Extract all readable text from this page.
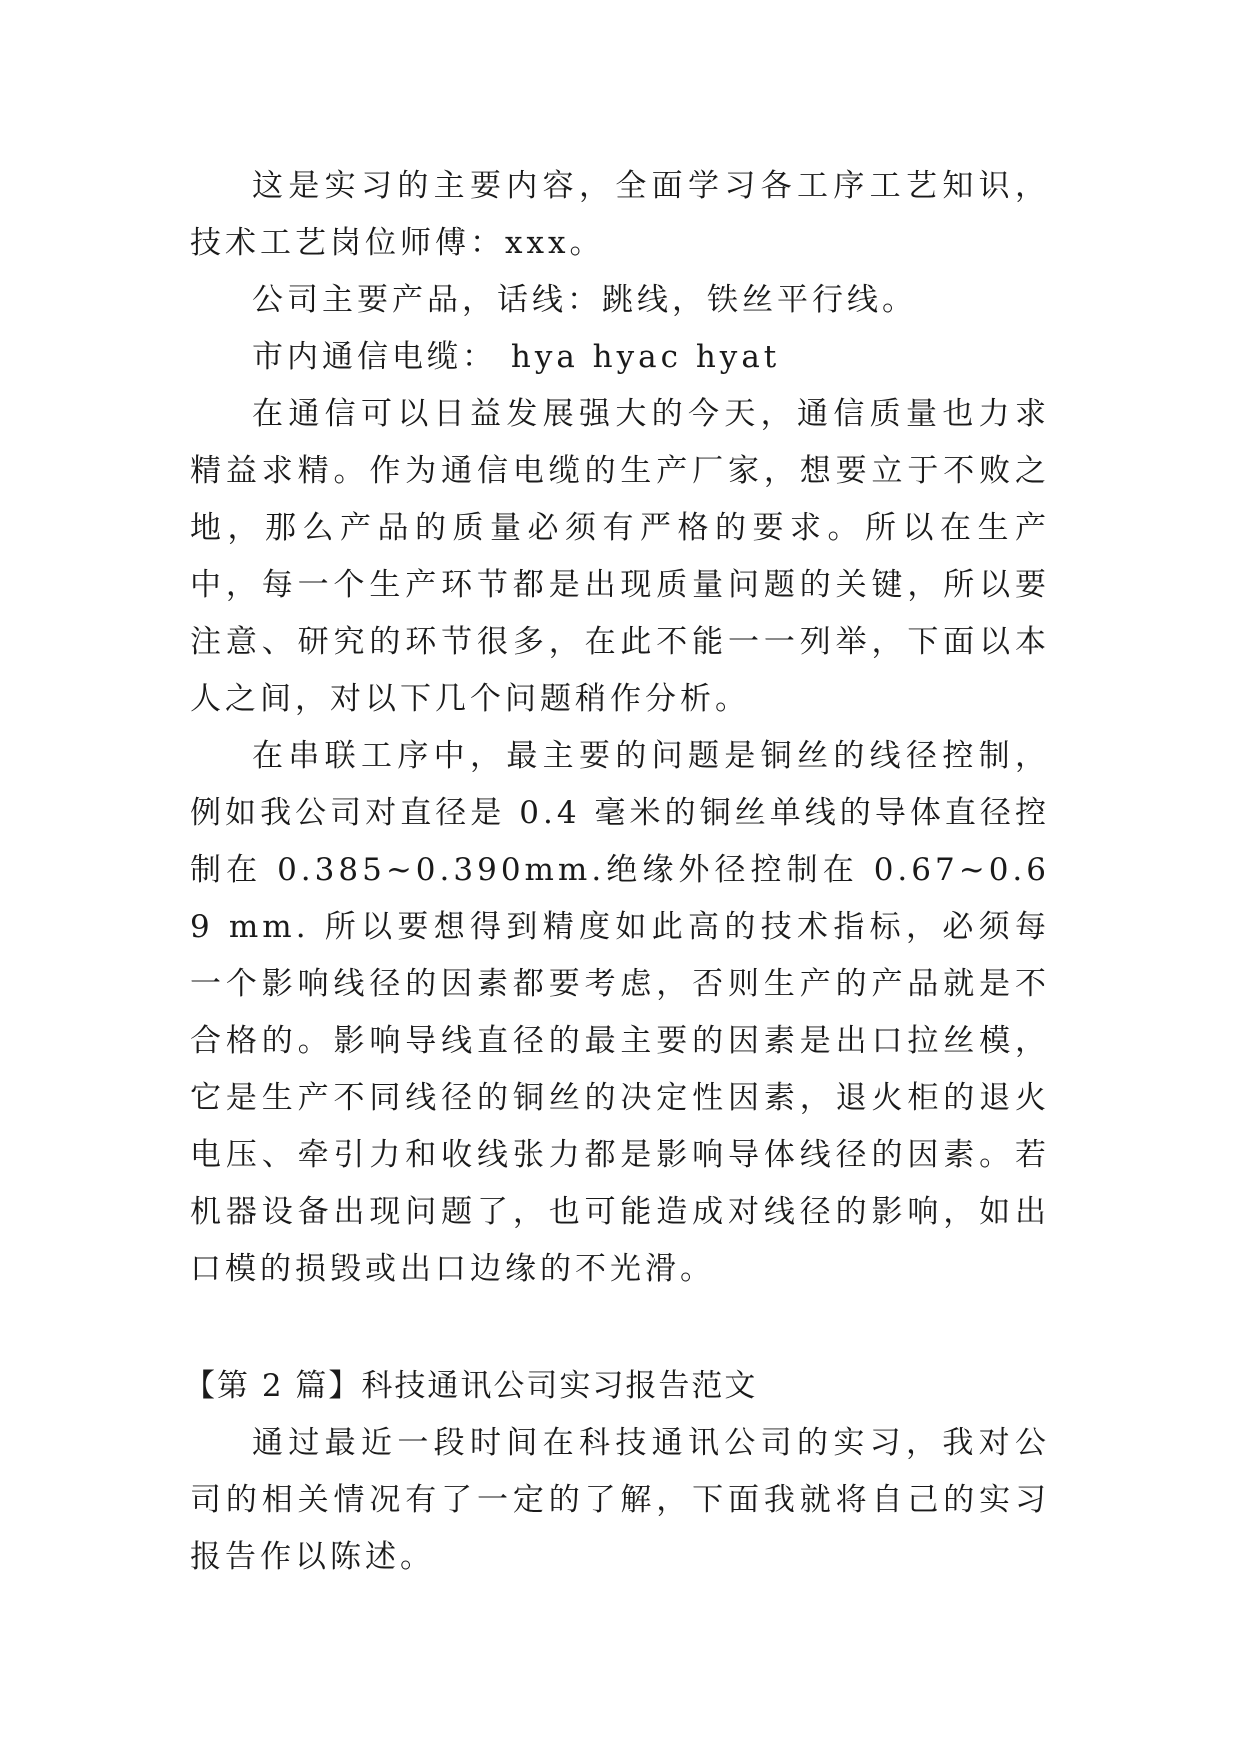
这是实习的主要内容，全面学习各工序工艺知识，技术工艺岗位师傅：xxx。

公司主要产品，话线：跳线，铁丝平行线。

市内通信电缆： hya hyac hyat

在通信可以日益发展强大的今天，通信质量也力求精益求精。作为通信电缆的生产厂家，想要立于不败之地，那么产品的质量必须有严格的要求。所以在生产中，每一个生产环节都是出现质量问题的关键，所以要注意、研究的环节很多，在此不能一一列举，下面以本人之间，对以下几个问题稍作分析。

在串联工序中，最主要的问题是铜丝的线径控制，例如我公司对直径是 0.4 毫米的铜丝单线的导体直径控制在 0.385~0.390mm.绝缘外径控制在 0.67~0.69 mm. 所以要想得到精度如此高的技术指标，必须每一个影响线径的因素都要考虑，否则生产的产品就是不合格的。影响导线直径的最主要的因素是出口拉丝模，它是生产不同线径的铜丝的决定性因素，退火柜的退火电压、牵引力和收线张力都是影响导体线径的因素。若机器设备出现问题了，也可能造成对线径的影响，如出口模的损毁或出口边缘的不光滑。

【第 2 篇】科技通讯公司实习报告范文

通过最近一段时间在科技通讯公司的实习，我对公司的相关情况有了一定的了解，下面我就将自己的实习报告作以陈述。
